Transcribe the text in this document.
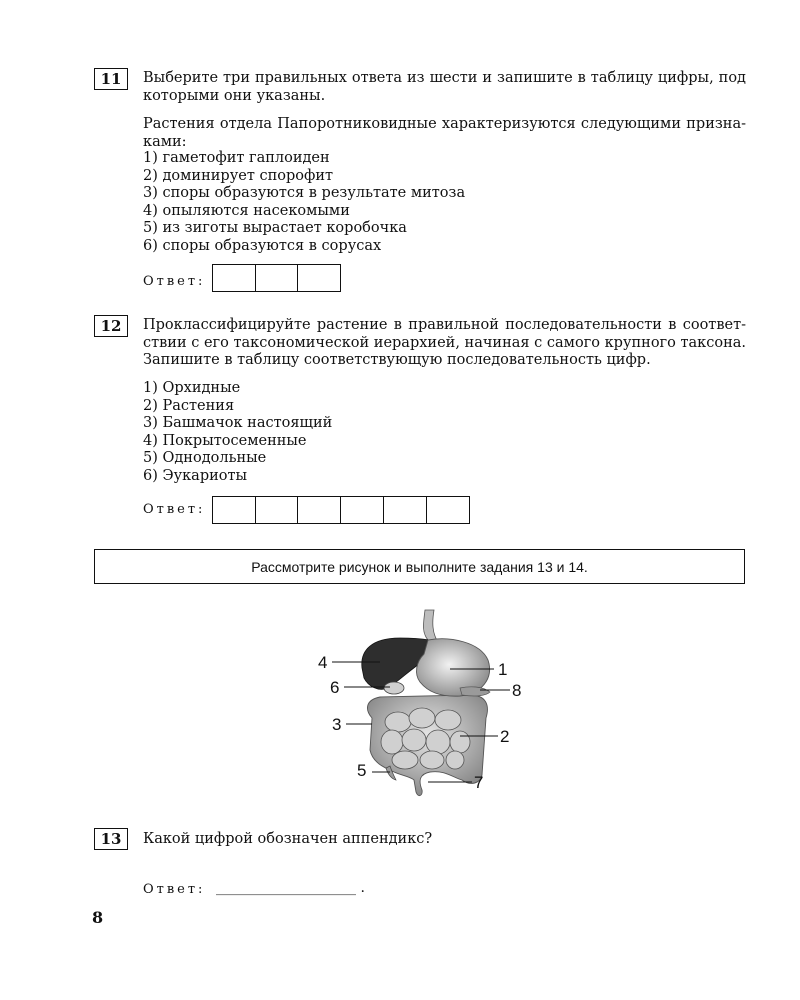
11	Выберите три правильных ответа из шести и запишите в таблицу цифры, под
которыми они указаны.
Растения отдела Папоротниковидные характеризуются следующими призна-
ками:
1) гаметофит гаплоиден
2) доминирует спорофит
3) споры образуются в результате митоза
4) опыляются насекомыми
5) из зиготы вырастает коробочка
6) споры образуются в сорусах
Ответ:
12	Проклассифицируйте растение в правильной последовательности в соответ-
ствии с его таксономической иерархией, начиная с самого крупного таксона.
Запишите в таблицу соответствующую последовательность цифр.
1) Орхидные
2) Растения
3) Башмачок настоящий
4) Покрытосеменные
5) Однодольные
6) Эукариоты
Ответ:
Рассмотрите рисунок и выполните задания 13 и 14.
4	1
6	8
3
2
5
7
13	Какой цифрой обозначен аппендикс?
Ответ: ____________________ .
8
